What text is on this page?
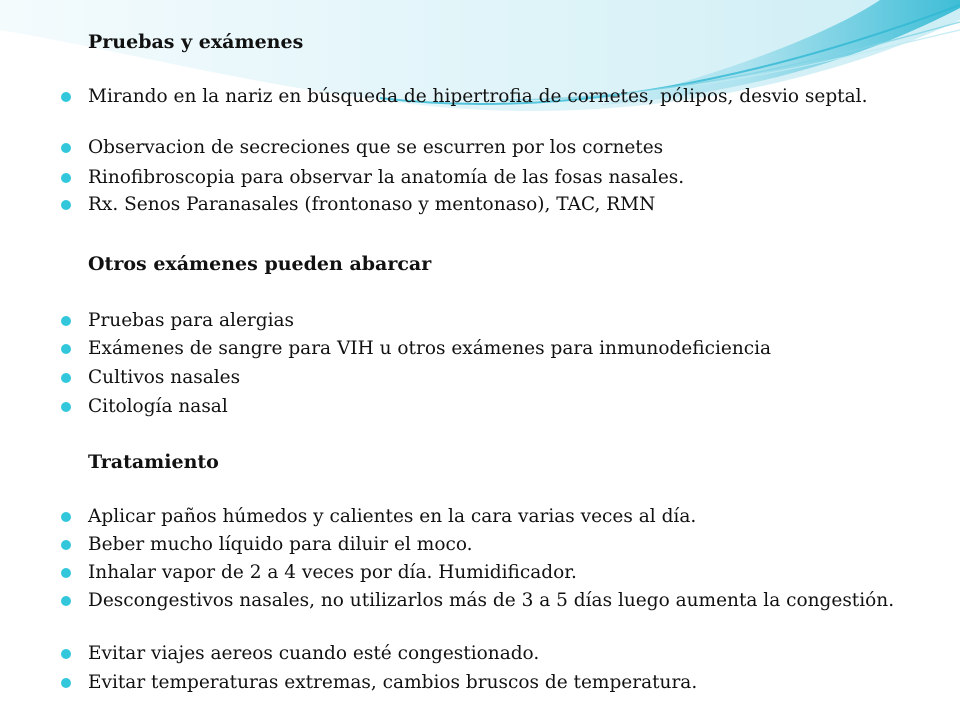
Pruebas y exámenes
Mirando en la nariz en búsqueda de hipertrofia de cornetes, pólipos, desvio septal.
Observacion de secreciones que se escurren por los cornetes
Rinofibroscopia para observar la anatomía de las fosas nasales.
Rx. Senos Paranasales (frontonaso y mentonaso), TAC, RMN
Otros exámenes pueden abarcar
Pruebas para alergias
Exámenes de sangre para VIH u otros exámenes para inmunodeficiencia
Cultivos nasales
Citología nasal
Tratamiento
Aplicar paños húmedos y calientes en la cara varias veces al día.
Beber mucho líquido para diluir el moco.
Inhalar vapor de 2 a 4 veces por día. Humidificador.
Descongestivos nasales, no utilizarlos más de 3 a 5 días luego aumenta la congestión.
Evitar viajes aereos cuando esté congestionado.
Evitar temperaturas extremas, cambios bruscos de temperatura.
